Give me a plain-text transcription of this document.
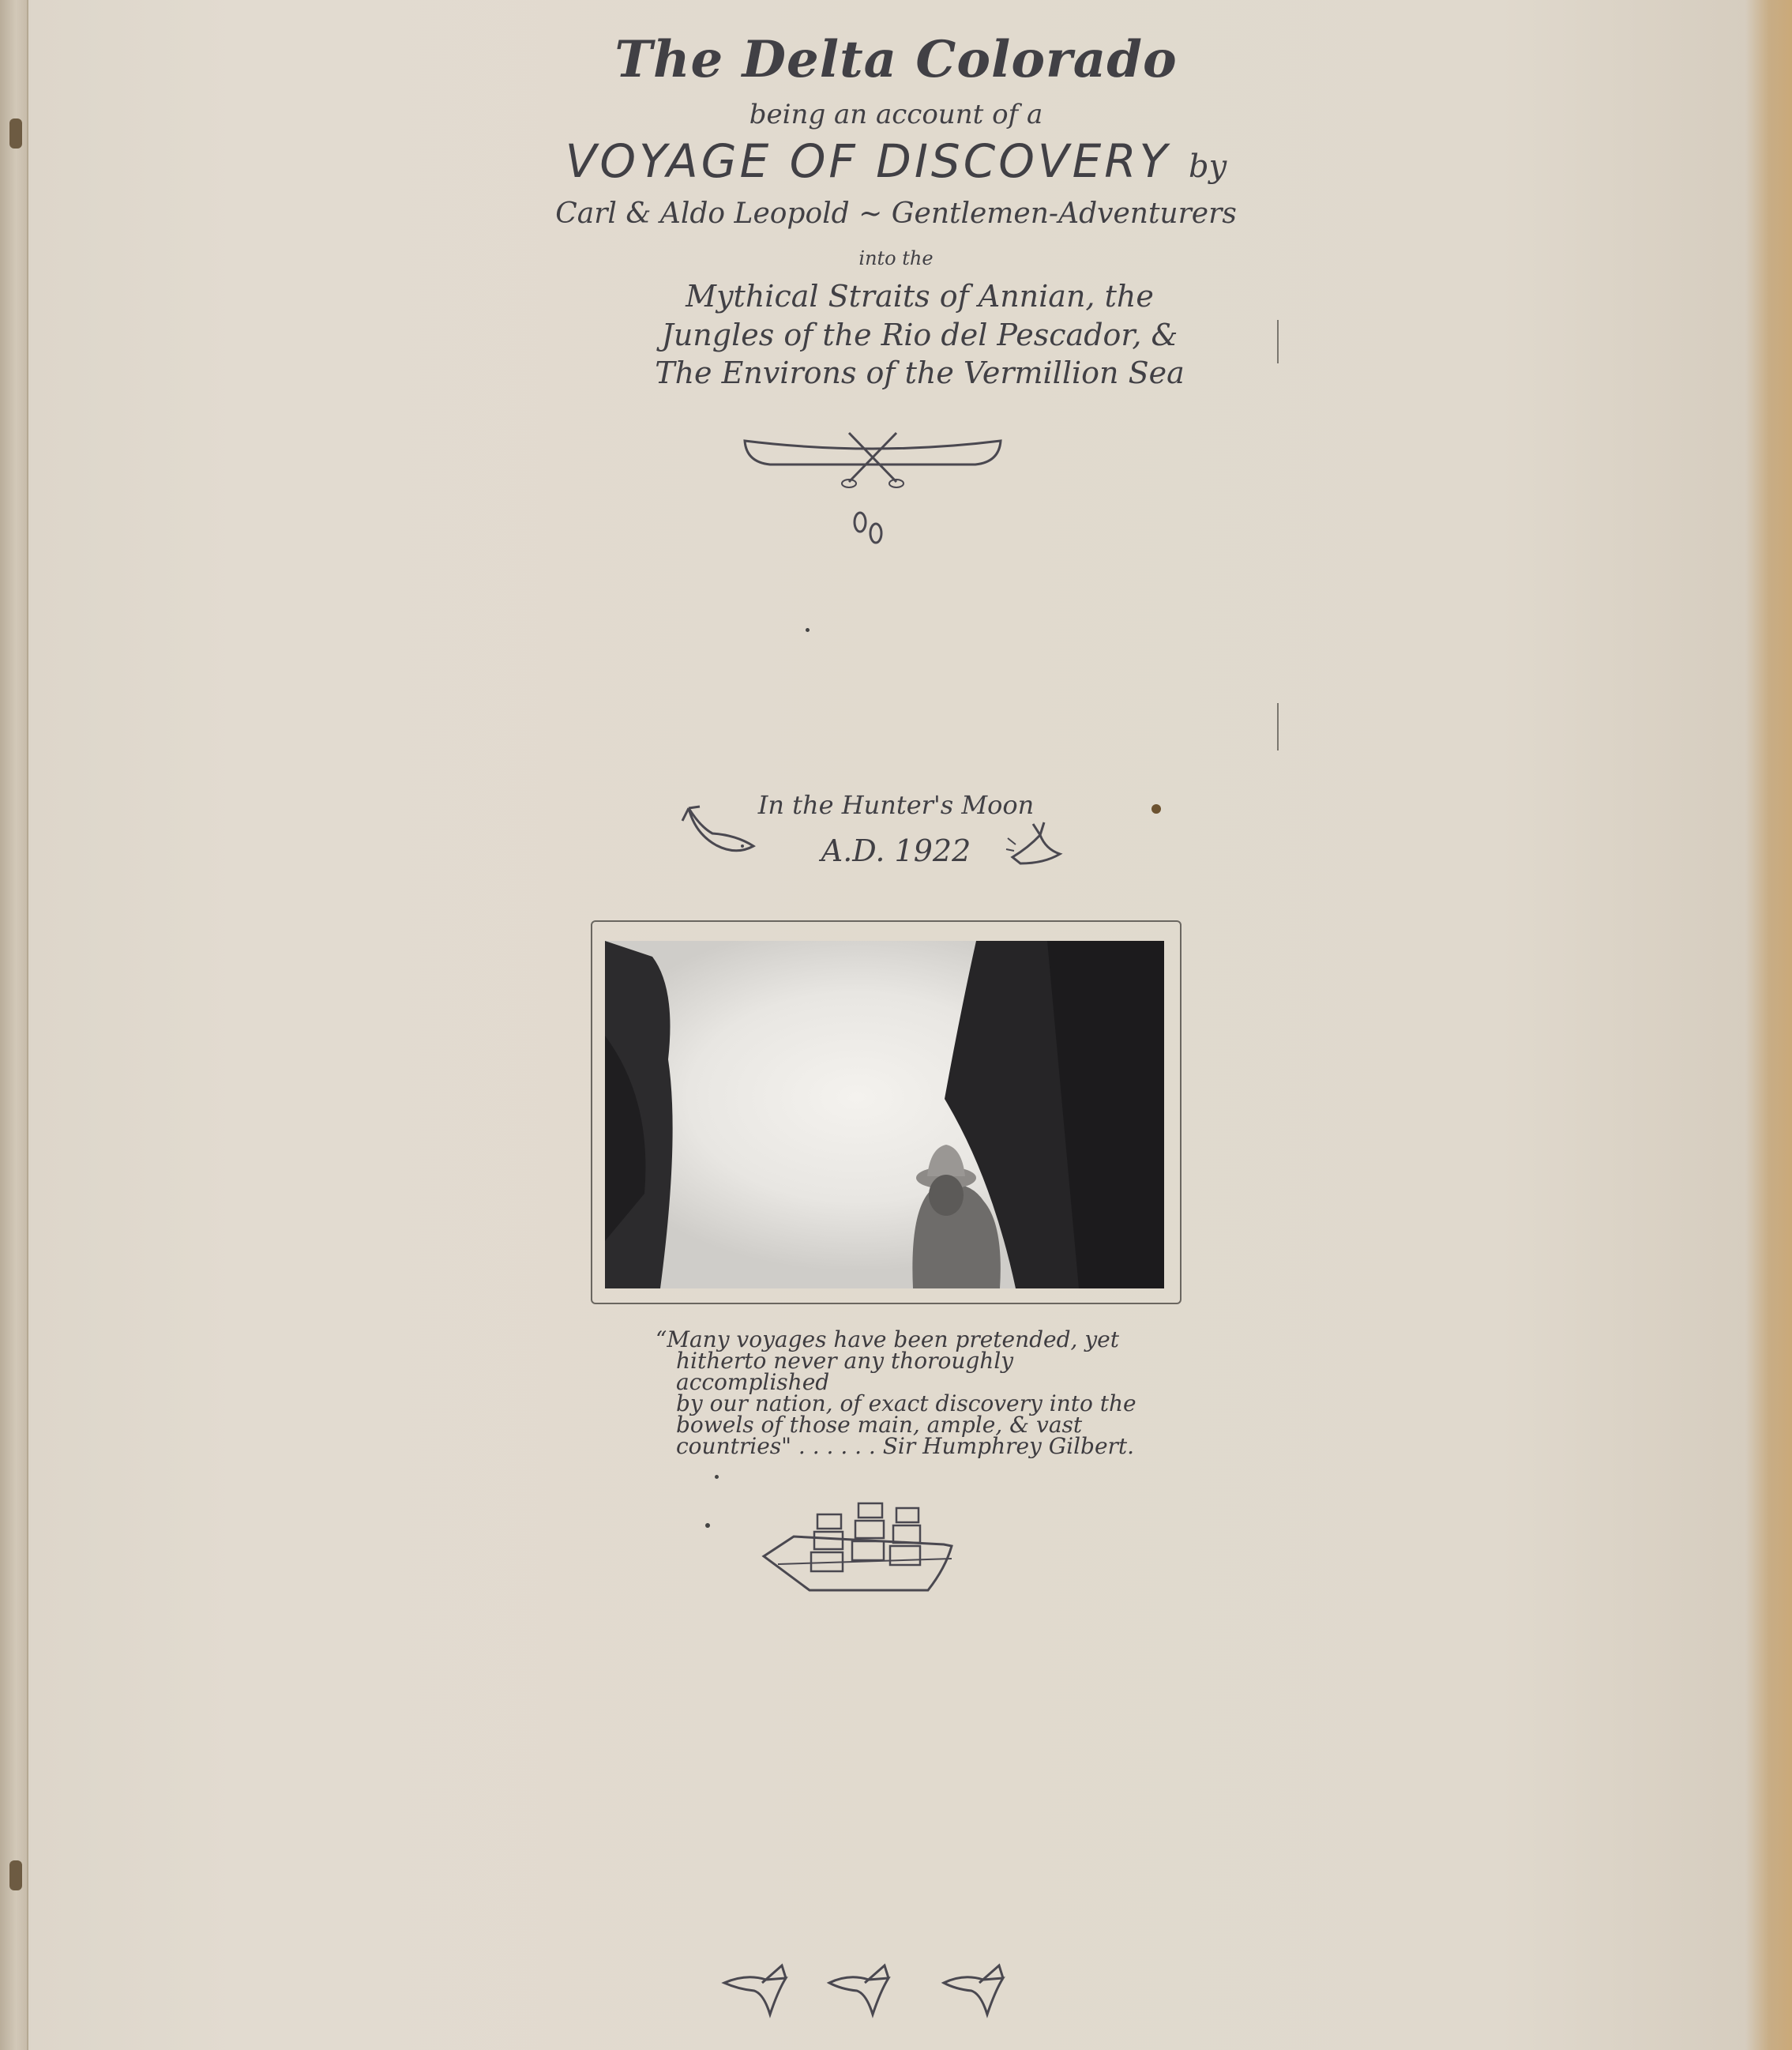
The Delta Colorado
being an account of a
VOYAGE OF DISCOVERY by
Carl & Aldo Leopold ~ Gentlemen-Adventurers
into the
Mythical Straits of Annian, the
Jungles of the Rio del Pescador, &
The Environs of the Vermillion Sea
In the Hunter's Moon
A.D. 1922
“Many voyages have been pretended, yet
hitherto never any thoroughly accomplished
by our nation, of exact discovery into the
bowels of those main, ample, & vast
countries" . . . . . . Sir Humphrey Gilbert.
